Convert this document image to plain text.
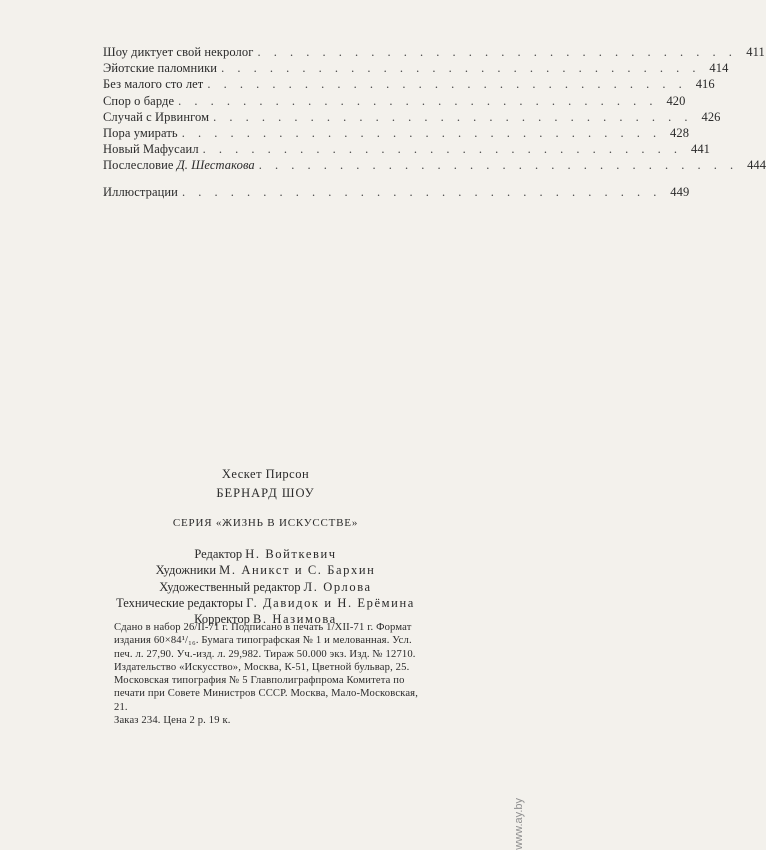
Шоу диктует свой некролог . . . . . . . . . . . . . . . . . . . . . . . . . . . . . . 411
Эйотские паломники . . . . . . . . . . . . . . . . . . . . . . . . . . . . . . 414
Без малого сто лет . . . . . . . . . . . . . . . . . . . . . . . . . . . . . . 416
Спор о барде . . . . . . . . . . . . . . . . . . . . . . . . . . . . . . 420
Случай с Ирвингом . . . . . . . . . . . . . . . . . . . . . . . . . . . . . . 426
Пора умирать . . . . . . . . . . . . . . . . . . . . . . . . . . . . . . 428
Новый Мафусаил . . . . . . . . . . . . . . . . . . . . . . . . . . . . . . 441
Послесловие Д. Шестакова . . . . . . . . . . . . . . . . . . . . . . . . . . . . . . 444
Иллюстрации . . . . . . . . . . . . . . . . . . . . . . . . . . . . . . 449
Хескет Пирсон
БЕРНАРД ШОУ
СЕРИЯ «ЖИЗНЬ В ИСКУССТВЕ»
Редактор Н. Войткевич
Художники М. Аникст и С. Бархин
Художественный редактор Л. Орлова
Технические редакторы Г. Давидок и Н. Ерёмина
Корректор В. Назимова
Сдано в набор 26/II-71 г. Подписано в печать 1/XII-71 г. Формат
издания 60×84¹/₁₆. Бумага типографская № 1 и мелованная. Усл.
печ. л. 27,90. Уч.-изд. л. 29,982. Тираж 50.000 экз. Изд. № 12710.
Издательство «Искусство», Москва, К-51, Цветной бульвар, 25.
Московская типография № 5 Главполиграфпрома Комитета по
печати при Совете Министров СССР. Москва, Мало-Московская, 21.
Заказ 234. Цена 2 р. 19 к.
www.ay.by
